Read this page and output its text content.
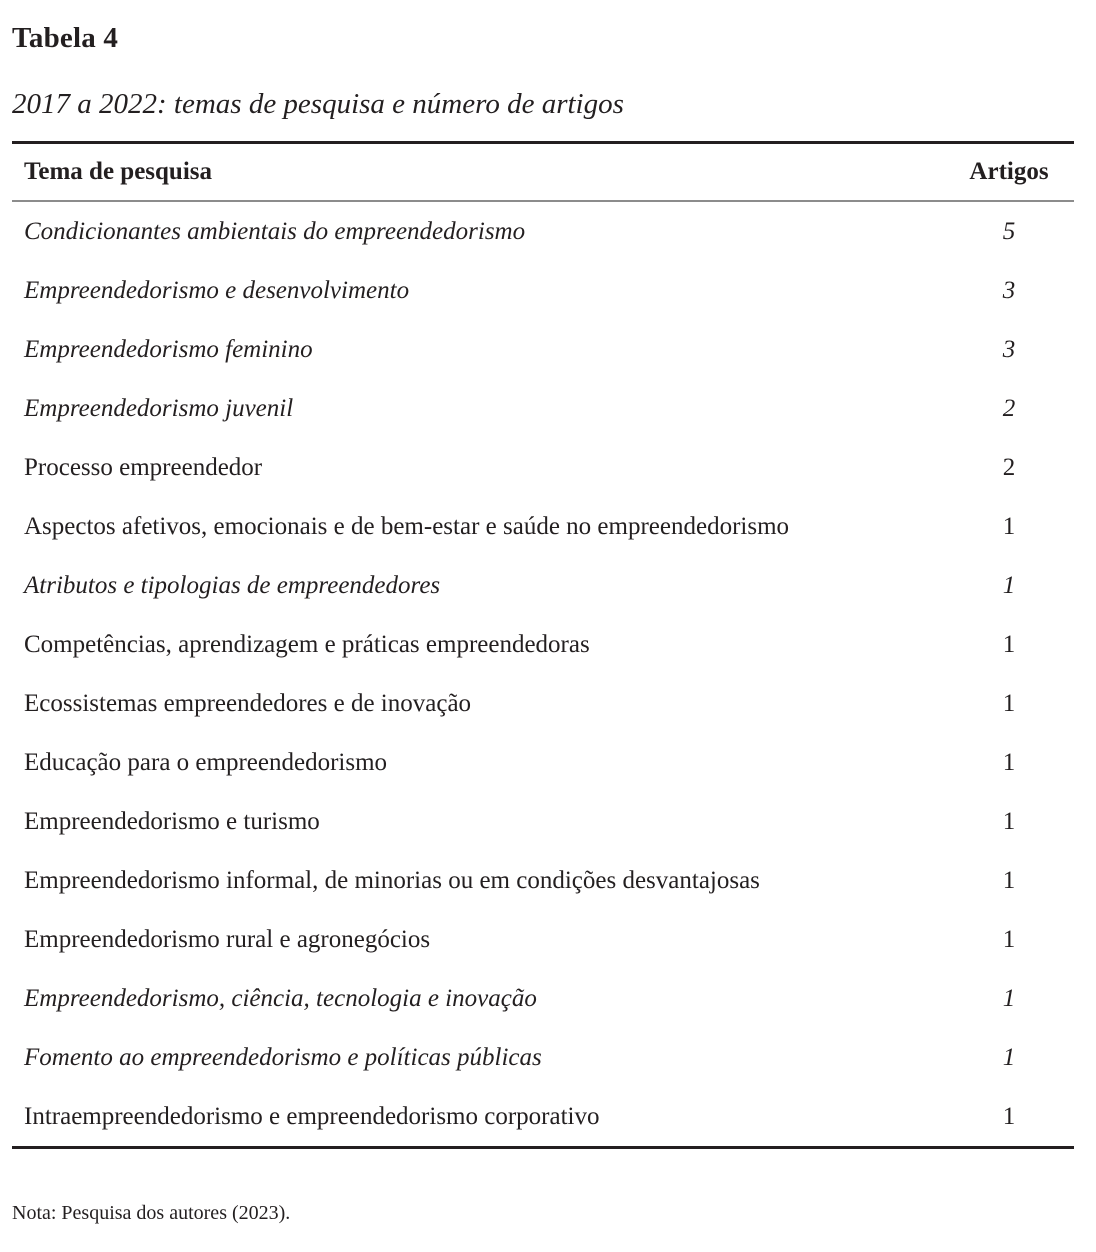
Tabela 4
2017 a 2022: temas de pesquisa e número de artigos
Tema de pesquisa	Artigos
Condicionantes ambientais do empreendedorismo	5
Empreendedorismo e desenvolvimento	3
Empreendedorismo feminino	3
Empreendedorismo juvenil	2
Processo empreendedor	2
Aspectos afetivos, emocionais e de bem-estar e saúde no empreendedorismo	1
Atributos e tipologias de empreendedores	1
Competências, aprendizagem e práticas empreendedoras	1
Ecossistemas empreendedores e de inovação	1
Educação para o empreendedorismo	1
Empreendedorismo e turismo	1
Empreendedorismo informal, de minorias ou em condições desvantajosas	1
Empreendedorismo rural e agronegócios	1
Empreendedorismo, ciência, tecnologia e inovação	1
Fomento ao empreendedorismo e políticas públicas	1
Intraempreendedorismo e empreendedorismo corporativo	1
Nota: Pesquisa dos autores (2023).
